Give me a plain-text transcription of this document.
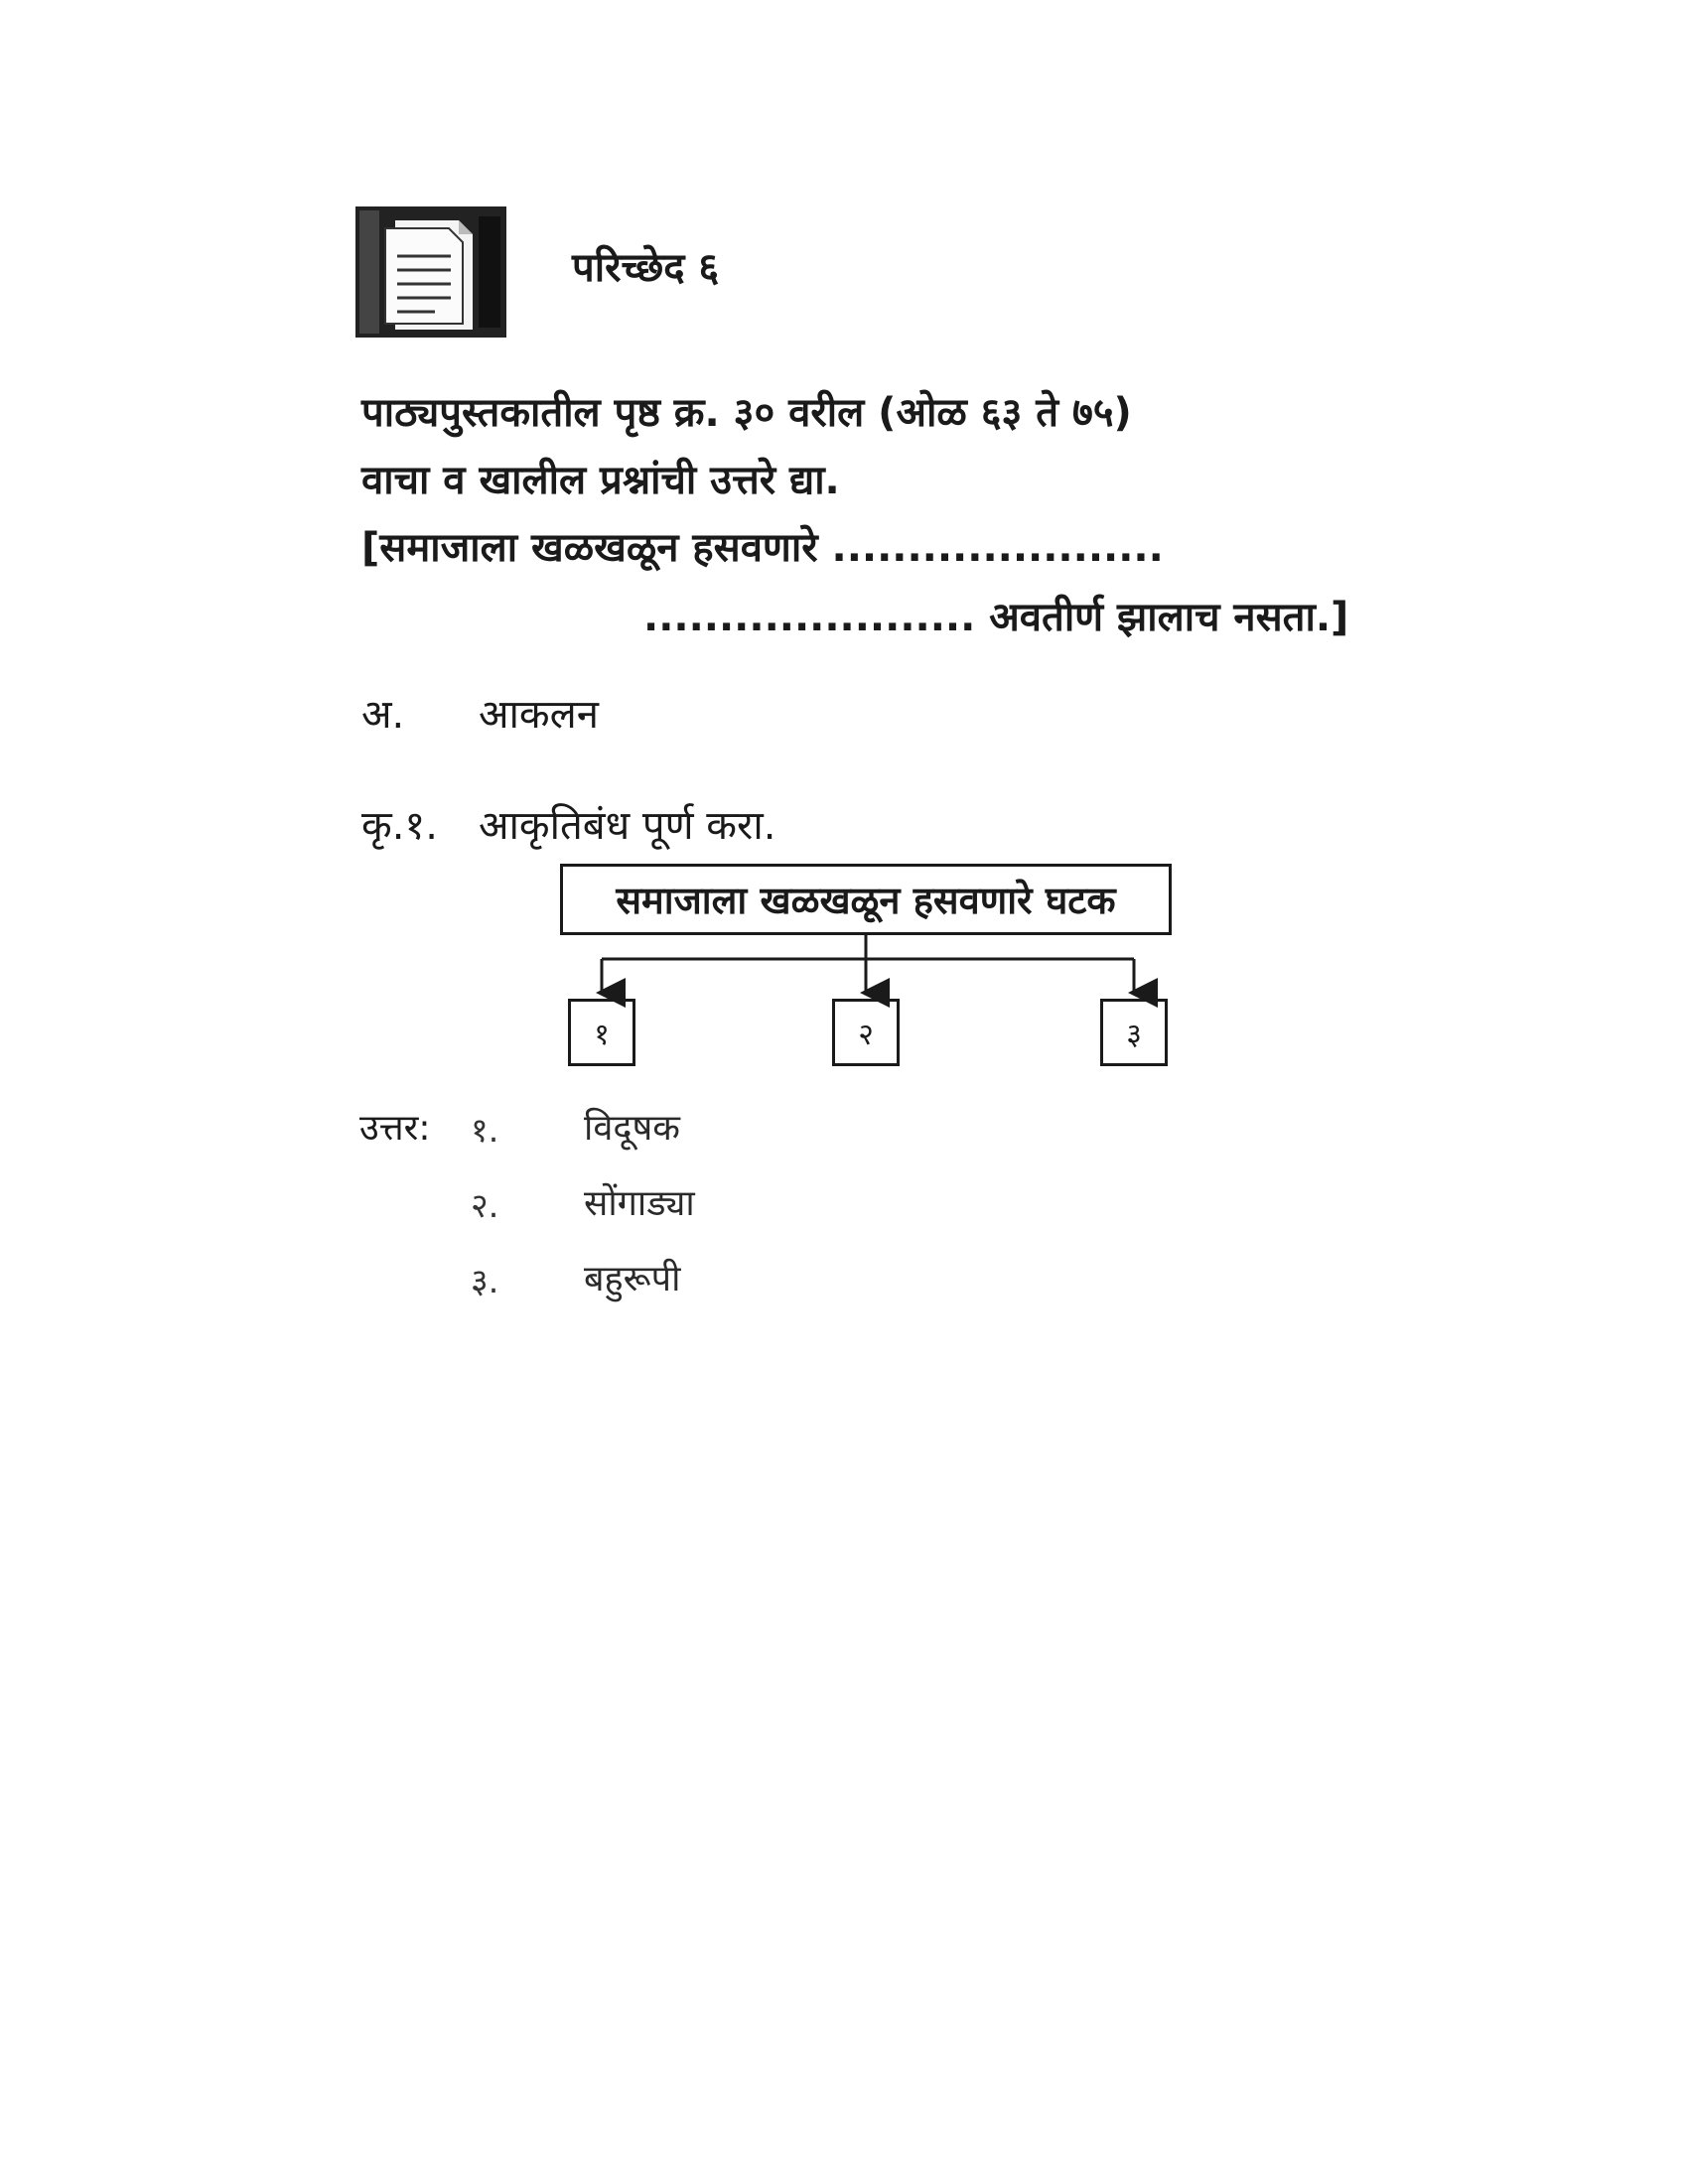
परिच्छेद ६
पाठ्यपुस्तकातील पृष्ठ क्र. ३० वरील (ओळ ६३ ते ७५)
वाचा व खालील प्रश्नांची उत्तरे द्या.
[समाजाला खळखळून हसवणारे ......................
...................... अवतीर्ण झालाच नसता.]
अ. आकलन
कृ.१. आकृतिबंध पूर्ण करा.
समाजाला खळखळून हसवणारे घटक
१	२	३
उत्तर: १. विदूषक
२. सोंगाड्या
३. बहुरूपी
